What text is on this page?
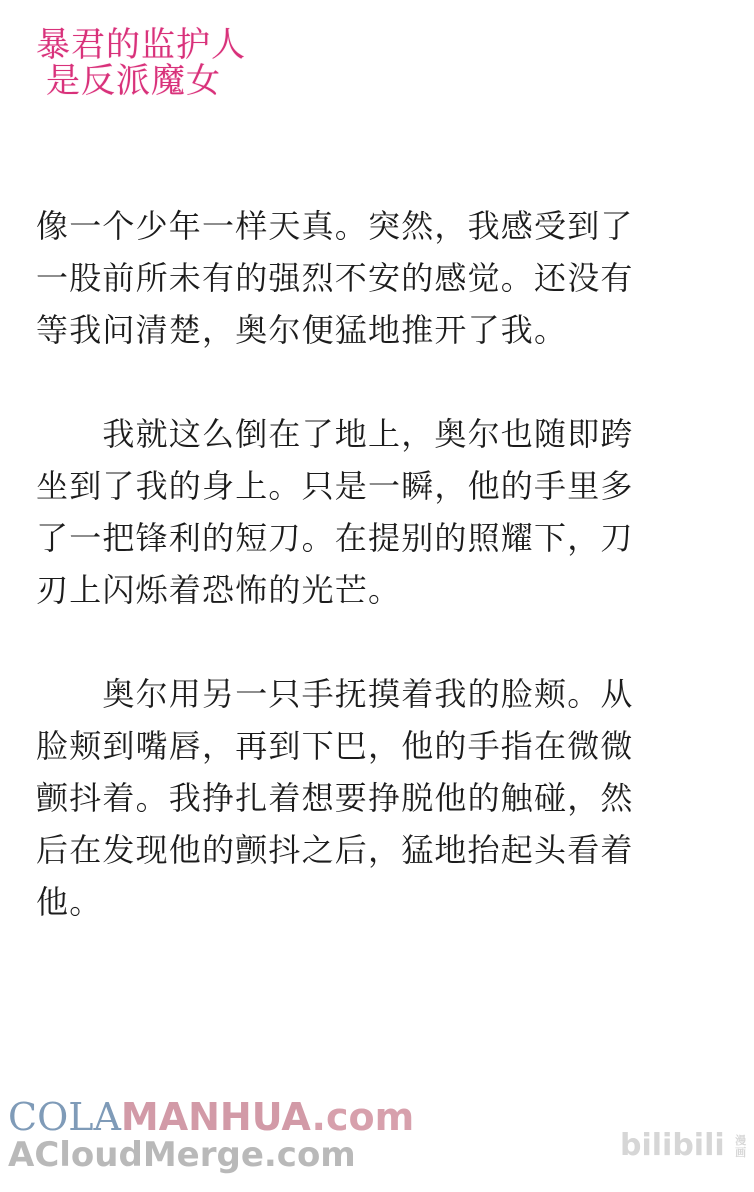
暴君的监护人
是反派魔女

像一个少年一样天真。突然，我感受到了
一股前所未有的强烈不安的感觉。还没有
等我问清楚，奥尔便猛地推开了我。

　　我就这么倒在了地上，奥尔也随即跨
坐到了我的身上。只是一瞬，他的手里多
了一把锋利的短刀。在提别的照耀下，刀
刃上闪烁着恐怖的光芒。

　　奥尔用另一只手抚摸着我的脸颊。从
脸颊到嘴唇，再到下巴，他的手指在微微
颤抖着。我挣扎着想要挣脱他的触碰，然
后在发现他的颤抖之后，猛地抬起头看着
他。

COLAMANHUA.com
ACloudMerge.com	bilibili 漫画
